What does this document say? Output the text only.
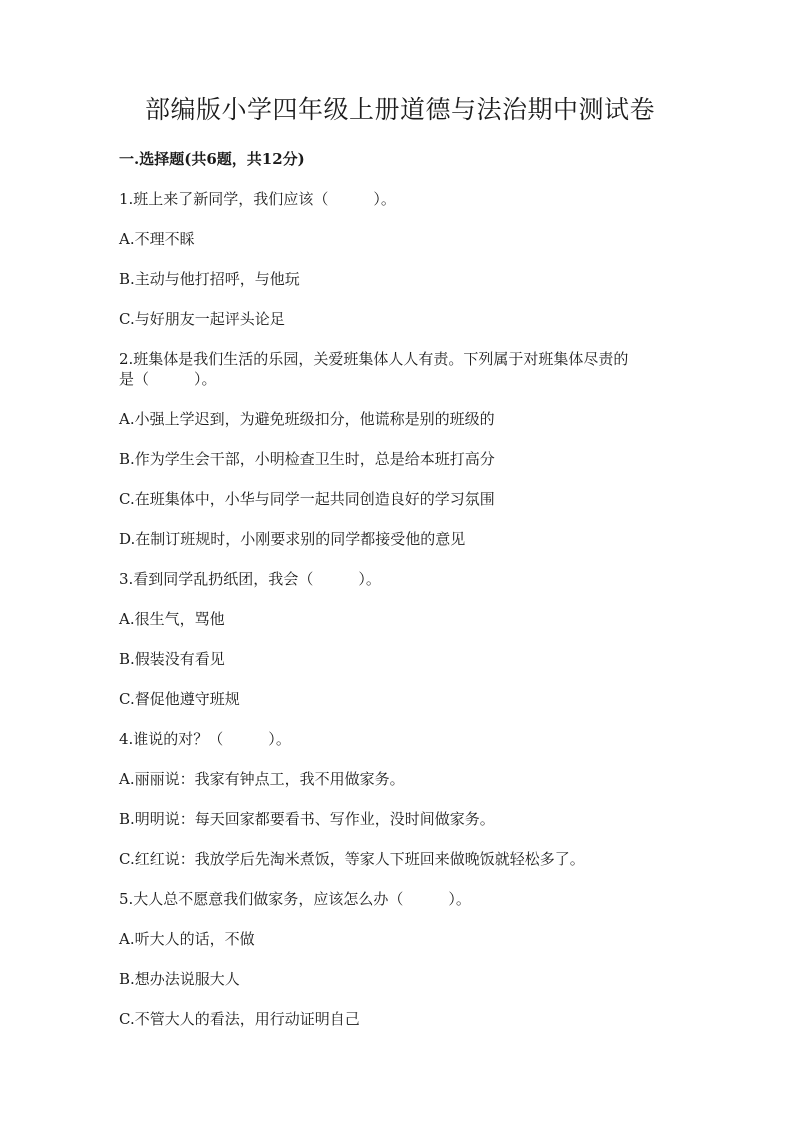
部编版小学四年级上册道德与法治期中测试卷
一.选择题(共6题，共12分)
1.班上来了新同学，我们应该（　　　）。
A.不理不睬
B.主动与他打招呼，与他玩
C.与好朋友一起评头论足
2.班集体是我们生活的乐园，关爱班集体人人有责。下列属于对班集体尽责的
是（　　　）。
A.小强上学迟到，为避免班级扣分，他谎称是别的班级的
B.作为学生会干部，小明检查卫生时，总是给本班打高分
C.在班集体中，小华与同学一起共同创造良好的学习氛围
D.在制订班规时，小刚要求别的同学都接受他的意见
3.看到同学乱扔纸团，我会（　　　）。
A.很生气，骂他
B.假装没有看见
C.督促他遵守班规
4.谁说的对？（　　　）。
A.丽丽说：我家有钟点工，我不用做家务。
B.明明说：每天回家都要看书、写作业，没时间做家务。
C.红红说：我放学后先淘米煮饭，等家人下班回来做晚饭就轻松多了。
5.大人总不愿意我们做家务，应该怎么办（　　　）。
A.听大人的话，不做
B.想办法说服大人
C.不管大人的看法，用行动证明自己
